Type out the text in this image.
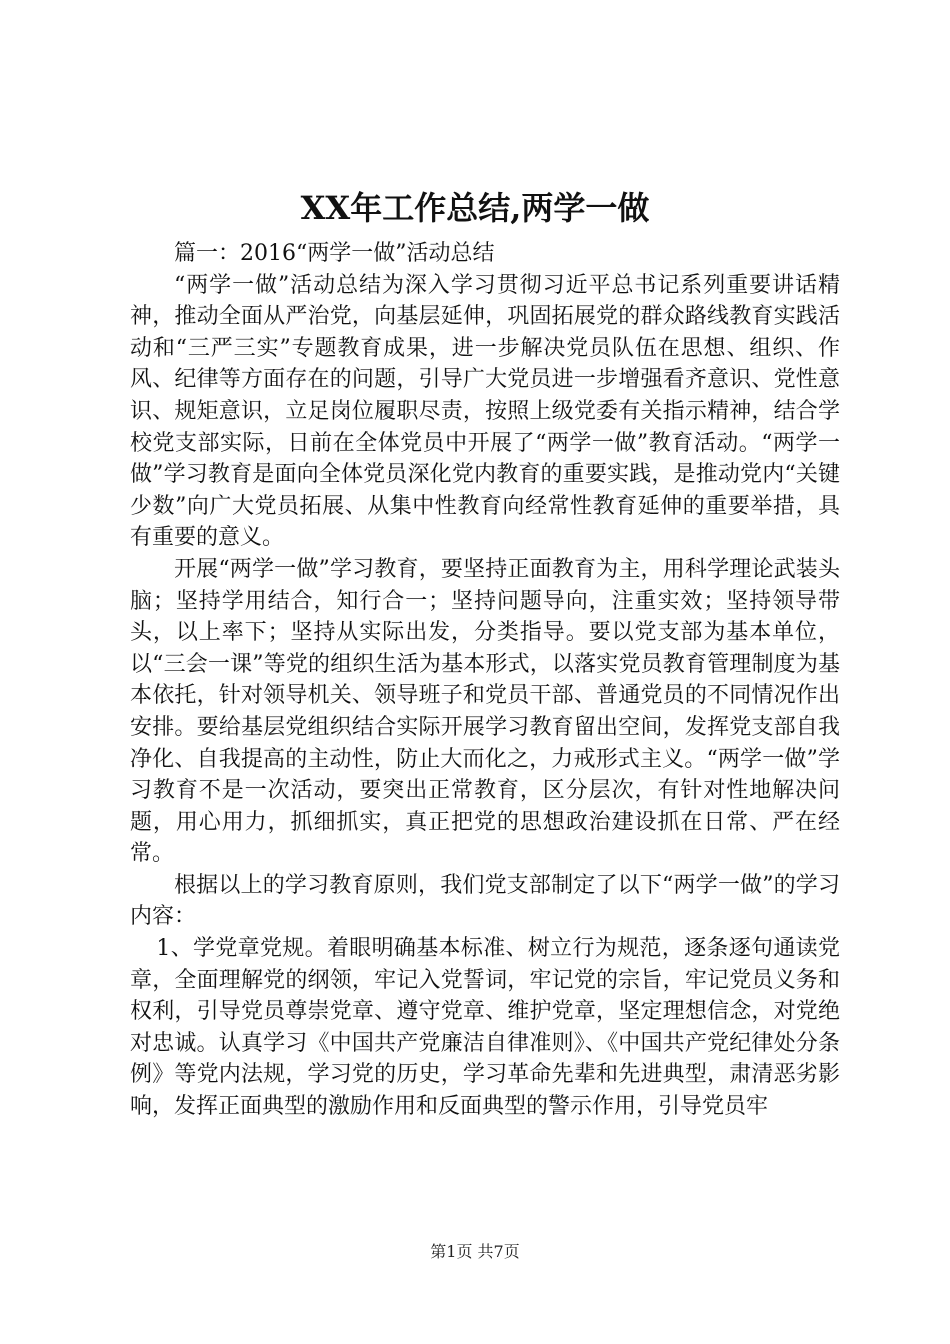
XX年工作总结,两学一做

篇一：2016“两学一做”活动总结

“两学一做”活动总结为深入学习贯彻习近平总书记系列重要讲话精神，推动全面从严治党，向基层延伸，巩固拓展党的群众路线教育实践活动和“三严三实”专题教育成果，进一步解决党员队伍在思想、组织、作风、纪律等方面存在的问题，引导广大党员进一步增强看齐意识、党性意识、规矩意识，立足岗位履职尽责，按照上级党委有关指示精神，结合学校党支部实际，日前在全体党员中开展了“两学一做”教育活动。“两学一做”学习教育是面向全体党员深化党内教育的重要实践，是推动党内“关键少数”向广大党员拓展、从集中性教育向经常性教育延伸的重要举措，具有重要的意义。

开展“两学一做”学习教育，要坚持正面教育为主，用科学理论武装头脑；坚持学用结合，知行合一；坚持问题导向，注重实效；坚持领导带头，以上率下；坚持从实际出发，分类指导。要以党支部为基本单位，以“三会一课”等党的组织生活为基本形式，以落实党员教育管理制度为基本依托，针对领导机关、领导班子和党员干部、普通党员的不同情况作出安排。要给基层党组织结合实际开展学习教育留出空间，发挥党支部自我净化、自我提高的主动性，防止大而化之，力戒形式主义。“两学一做”学习教育不是一次活动，要突出正常教育，区分层次，有针对性地解决问题，用心用力，抓细抓实，真正把党的思想政治建设抓在日常、严在经常。

根据以上的学习教育原则，我们党支部制定了以下“两学一做”的学习内容：

1、学党章党规。着眼明确基本标准、树立行为规范，逐条逐句通读党章，全面理解党的纲领，牢记入党誓词，牢记党的宗旨，牢记党员义务和权利，引导党员尊崇党章、遵守党章、维护党章，坚定理想信念，对党绝对忠诚。认真学习《中国共产党廉洁自律准则》、《中国共产党纪律处分条例》等党内法规，学习党的历史，学习革命先辈和先进典型，肃清恶劣影响，发挥正面典型的激励作用和反面典型的警示作用，引导党员牢

第1页 共7页
